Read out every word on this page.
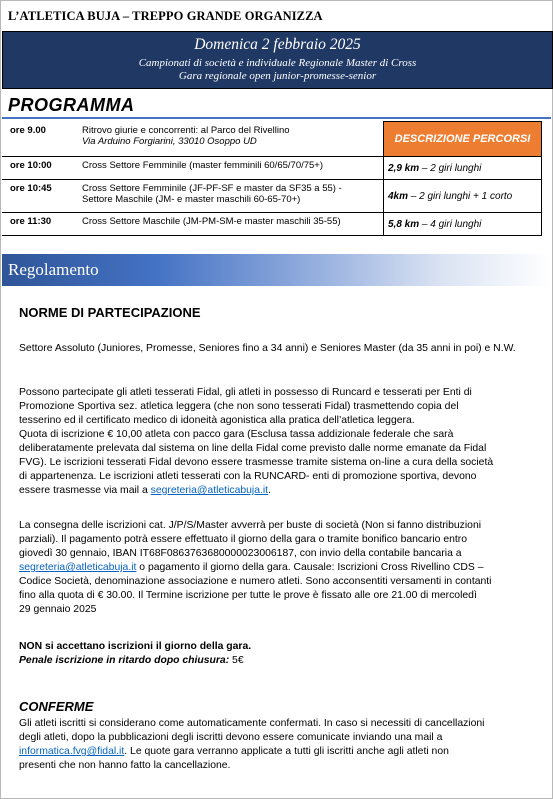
L’ATLETICA BUJA – TREPPO GRANDE ORGANIZZA
Domenica 2 febbraio 2025
Campionati di società e individuale Regionale Master di Cross
Gara regionale open junior-promesse-senior
PROGRAMMA
ore 9.00	Ritrovo giurie e concorrenti: al Parco del Rivellino
Via Arduino Forgiarini, 33010 Osoppo UD	DESCRIZIONE PERCORSI
ore 10:00	Cross Settore Femminile (master femminili 60/65/70/75+)	2,9 km – 2 giri lunghi
ore 10:45	Cross Settore Femminile (JF-PF-SF e master da SF35 a 55) -
Settore Maschile (JM- e master maschili 60-65-70+)	4km – 2 giri lunghi + 1 corto
ore 11:30	Cross Settore Maschile (JM-PM-SM-e master maschili 35-55)	5,8 km – 4 giri lunghi
Regolamento
NORME DI PARTECIPAZIONE
Settore Assoluto (Juniores, Promesse, Seniores fino a 34 anni) e Seniores Master (da 35 anni in poi) e N.W.
Possono partecipate gli atleti tesserati Fidal, gli atleti in possesso di Runcard e tesserati per Enti di
Promozione Sportiva sez. atletica leggera (che non sono tesserati Fidal) trasmettendo copia del
tesserino ed il certificato medico di idoneità agonistica alla pratica dell’atletica leggera.
Quota di iscrizione € 10,00 atleta con pacco gara (Esclusa tassa addizionale federale che sarà
deliberatamente prelevata dal sistema on line della Fidal come previsto dalle norme emanate da Fidal
FVG). Le iscrizioni tesserati Fidal devono essere trasmesse tramite sistema on-line a cura della società
di appartenenza. Le iscrizioni atleti tesserati con la RUNCARD- enti di promozione sportiva, devono
essere trasmesse via mail a segreteria@atleticabuja.it.
La consegna delle iscrizioni cat. J/P/S/Master avverrà per buste di società (Non si fanno distribuzioni
parziali). Il pagamento potrà essere effettuato il giorno della gara o tramite bonifico bancario entro
giovedì 30 gennaio, IBAN IT68F0863763680000023006187, con invio della contabile bancaria a
segreteria@atleticabuja.it o pagamento il giorno della gara. Causale: Iscrizioni Cross Rivellino CDS –
Codice Società, denominazione associazione e numero atleti. Sono acconsentiti versamenti in contanti
fino alla quota di € 30.00. Il Termine iscrizione per tutte le prove è fissato alle ore 21.00 di mercoledì
29 gennaio 2025
NON si accettano iscrizioni il giorno della gara.
Penale iscrizione in ritardo dopo chiusura: 5€
CONFERME
Gli atleti iscritti si considerano come automaticamente confermati. In caso si necessiti di cancellazioni
degli atleti, dopo la pubblicazioni degli iscritti devono essere comunicate inviando una mail a
informatica.fvg@fidal.it. Le quote gara verranno applicate a tutti gli iscritti anche agli atleti non
presenti che non hanno fatto la cancellazione.
